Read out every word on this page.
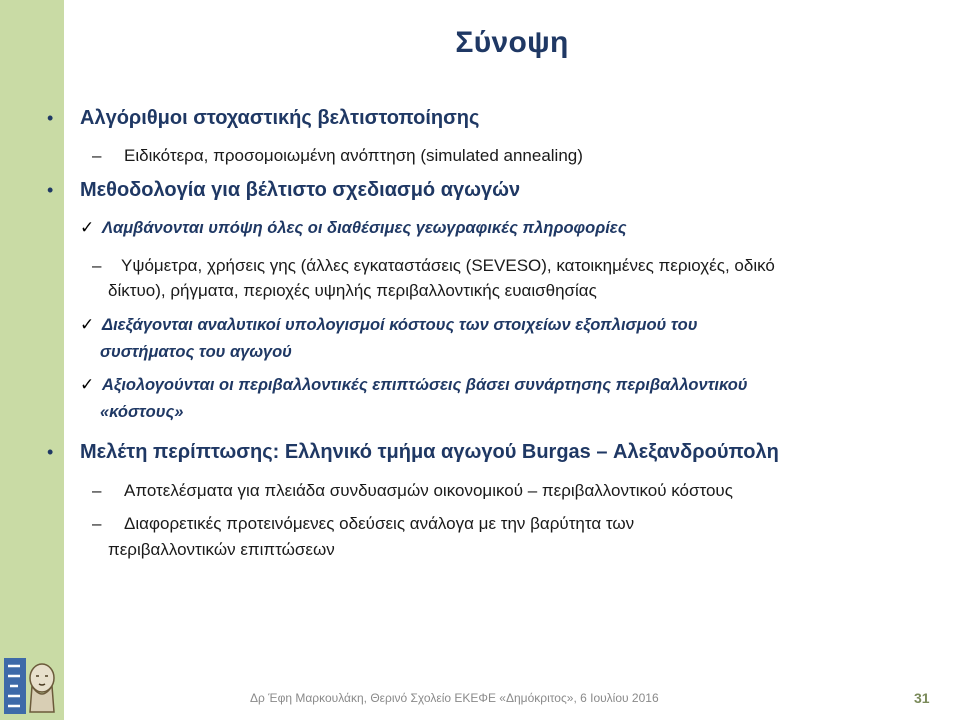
Σύνοψη
• Αλγόριθμοι στοχαστικής βελτιστοποίησης
– Ειδικότερα, προσομοιωμένη ανόπτηση (simulated annealing)
• Μεθοδολογία για βέλτιστο σχεδιασμό αγωγών
✓ Λαμβάνονται υπόψη όλες οι διαθέσιμες γεωγραφικές πληροφορίες
– Υψόμετρα, χρήσεις γης (άλλες εγκαταστάσεις (SEVESO), κατοικημένες περιοχές, οδικό
δίκτυο), ρήγματα, περιοχές υψηλής περιβαλλοντικής ευαισθησίας
✓ Διεξάγονται αναλυτικοί υπολογισμοί κόστους των στοιχείων εξοπλισμού του
συστήματος του αγωγού
✓ Αξιολογούνται οι περιβαλλοντικές επιπτώσεις βάσει συνάρτησης περιβαλλοντικού
«κόστους»
• Μελέτη περίπτωσης: Ελληνικό τμήμα αγωγού Burgas – Αλεξανδρούπολη
– Αποτελέσματα για πλειάδα συνδυασμών οικονομικού – περιβαλλοντικού κόστους
– Διαφορετικές προτεινόμενες οδεύσεις ανάλογα με την βαρύτητα των
περιβαλλοντικών επιπτώσεων
Δρ Έφη Μαρκουλάκη, Θερινό Σχολείο ΕΚΕΦΕ «Δημόκριτος», 6 Ιουλίου 2016	31
